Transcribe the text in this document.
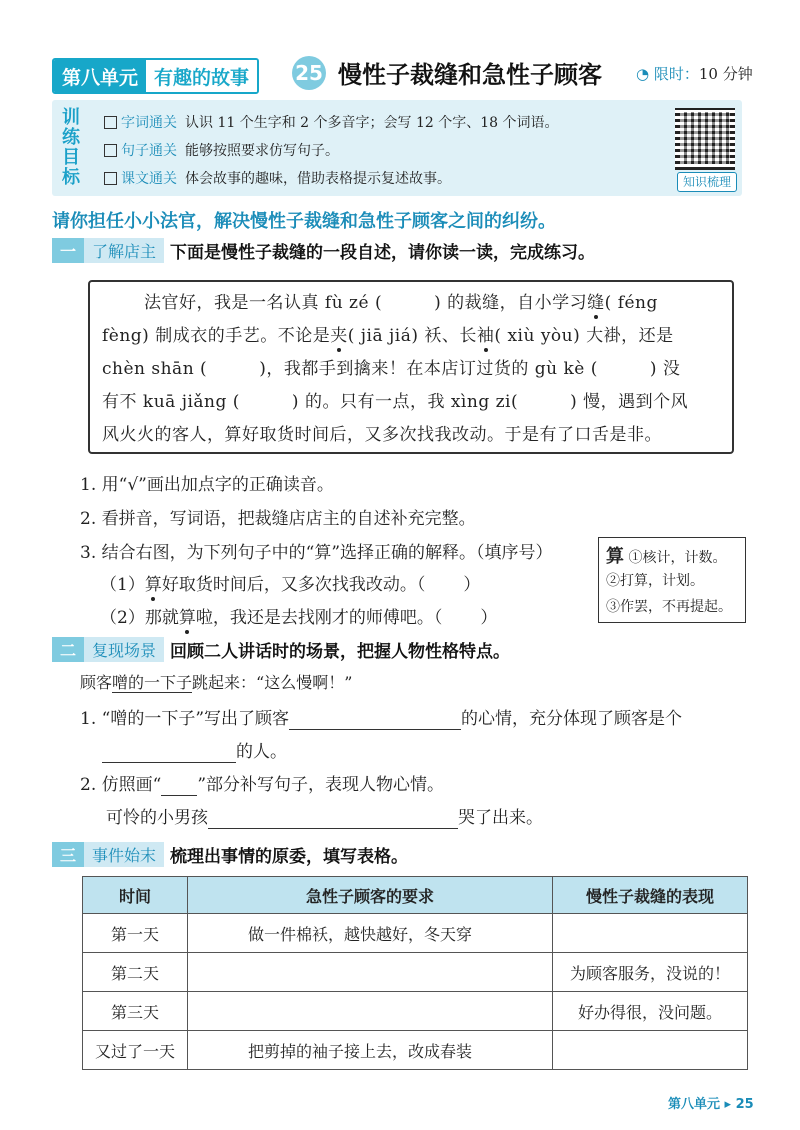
第八单元 有趣的故事	25 慢性子裁缝和急性子顾客 ◔ 限时：10 分钟
训练目标
字词通关 认识 11 个生字和 2 个多音字；会写 12 个字、18 个词语。
句子通关 能够按照要求仿写句子。
课文通关 体会故事的趣味，借助表格提示复述故事。	知识梳理
请你担任小小法官，解决慢性子裁缝和急性子顾客之间的纠纷。
一	了解店主 下面是慢性子裁缝的一段自述，请你读一读，完成练习。
法官好，我是一名认真 fù zé (	) 的裁缝，自小学习缝( féng
fèng) 制成衣的手艺。不论是夹( jiā jiá) 袄、长袖( xiù yòu) 大褂，还是
chèn shān (	)，我都手到擒来！在本店订过货的 gù kè (	) 没
有不 kuā jiǎng (	) 的。只有一点，我 xìng zi(	) 慢，遇到个风
风火火的客人，算好取货时间后，又多次找我改动。于是有了口舌是非。
1. 用“√”画出加点字的正确读音。
2. 看拼音，写词语，把裁缝店店主的自述补充完整。
3. 结合右图，为下列句子中的“算”选择正确的解释。（填序号）
（1）算好取货时间后，又多次找我改动。（ ）
（2）那就算啦，我还是去找刚才的师傅吧。（ ）
算 ①核计，计数。
②打算，计划。
③作罢，不再提起。
二	复现场景 回顾二人讲话时的场景，把握人物性格特点。
顾客噌的一下子跳起来：“这么慢啊！”
1. “噌的一下子”写出了顾客	的心情，充分体现了顾客是个
的人。
2. 仿照画“ ”部分补写句子，表现人物心情。
可怜的小男孩	哭了出来。
三	事件始末 梳理出事情的原委，填写表格。
时间	急性子顾客的要求	慢性子裁缝的表现
第一天	做一件棉袄，越快越好，冬天穿	
第二天		为顾客服务，没说的！
第三天		好办得很，没问题。
又过了一天	把剪掉的袖子接上去，改成春装	
第八单元 ▸ 25
